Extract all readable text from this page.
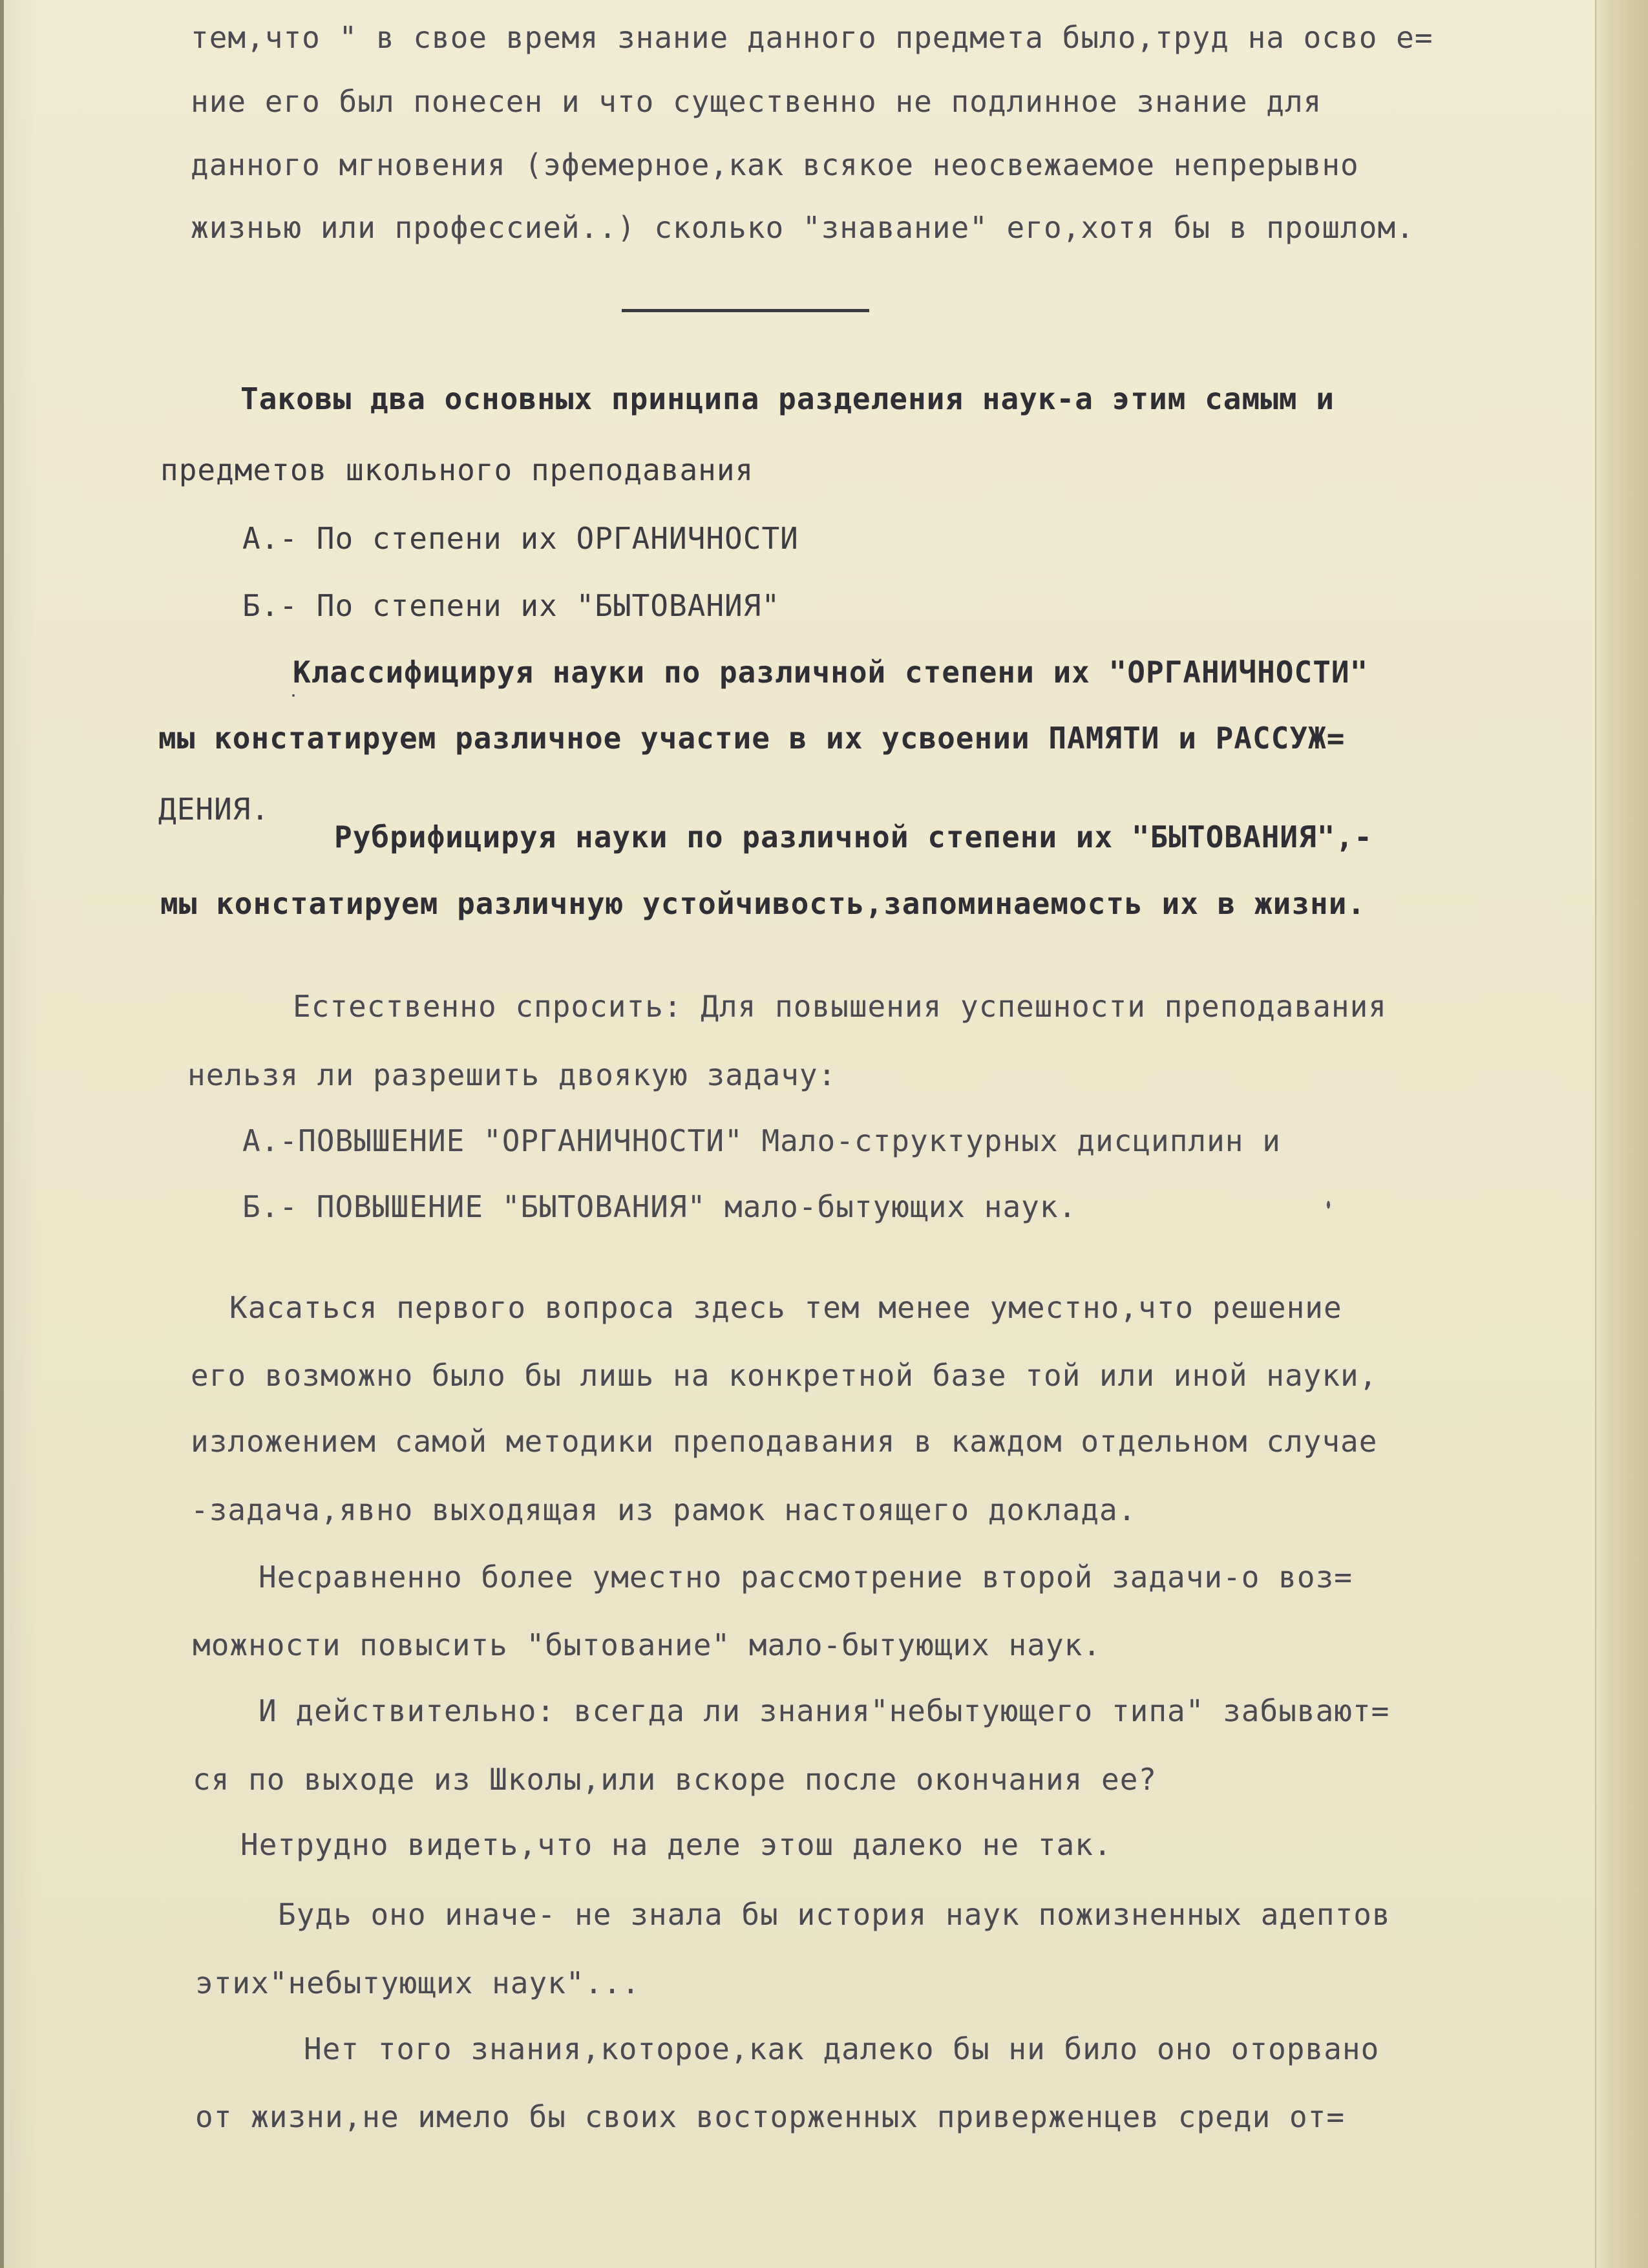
тем,что " в свое время знание данного предмета было,труд на осво е=
ние его был понесен и что существенно не подлинное знание для
данного мгновения (эфемерное,как всякое неосвежаемое непрерывно
жизнью или профессией..) сколько "знавание" его,хотя бы в прошлом.
Таковы два основных принципа разделения наук-а этим самым и
предметов школьного преподавания
А.- По степени их ОРГАНИЧНОСТИ
Б.- По степени их "БЫТОВАНИЯ"
Классифицируя науки по различной степени их "ОРГАНИЧНОСТИ"
мы констатируем различное участие в их усвоении ПАМЯТИ и РАССУЖ=
ДЕНИЯ.
Рубрифицируя науки по различной степени их "БЫТОВАНИЯ",-
мы констатируем различную устойчивость,запоминаемость их в жизни.
Естественно спросить: Для повышения успешности преподавания
нельзя ли разрешить двоякую задачу:
А.-ПОВЫШЕНИЕ "ОРГАНИЧНОСТИ" Мало-структурных дисциплин и
Б.- ПОВЫШЕНИЕ "БЫТОВАНИЯ" мало-бытующих наук.
Касаться первого вопроса здесь тем менее уместно,что решение
его возможно было бы лишь на конкретной базе той или иной науки,
изложением самой методики преподавания в каждом отдельном случае
-задача,явно выходящая из рамок настоящего доклада.
Несравненно более уместно рассмотрение второй задачи-о воз=
можности повысить "бытование" мало-бытующих наук.
И действительно: всегда ли знания"небытующего типа" забывают=
ся по выходе из Школы,или вскоре после окончания ее?
Нетрудно видеть,что на деле этош далеко не так.
Будь оно иначе- не знала бы история наук пожизненных адептов
этих"небытующих наук"...
Нет того знания,которое,как далеко бы ни било оно оторвано
от жизни,не имело бы своих восторженных приверженцев среди от=
